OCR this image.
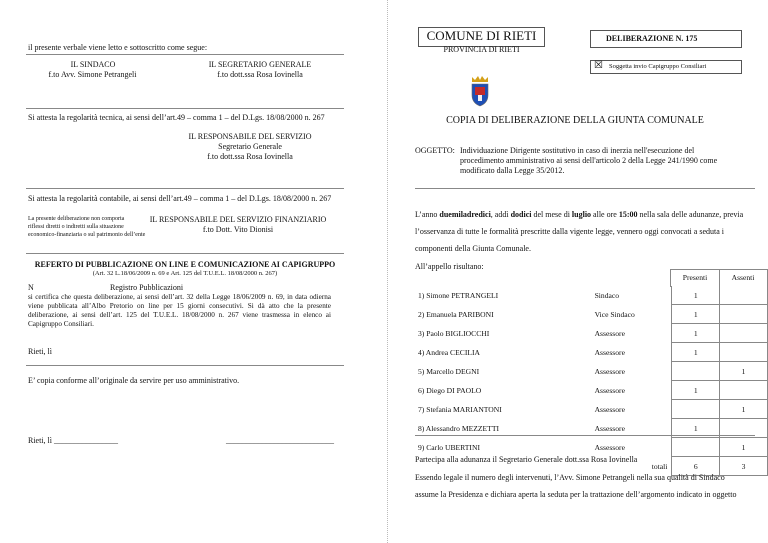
il presente verbale viene letto e sottoscritto come segue:
IL SINDACO
f.to Avv. Simone Petrangeli
IL SEGRETARIO GENERALE
f.to dott.ssa Rosa Iovinella
Si attesta la regolarità tecnica, ai sensi dell’art.49 – comma 1 – del D.Lgs. 18/08/2000 n. 267
IL RESPONSABILE DEL SERVIZIO
Segretario Generale
f.to dott.ssa Rosa Iovinella
Si attesta la regolarità contabile, ai sensi dell’art.49 – comma 1 – del D.Lgs. 18/08/2000 n. 267
La presente deliberazione non comporta
riflessi diretti o indiretti sulla situazione
economico-finanziaria o sul patrimonio dell’ente
IL RESPONSABILE DEL SERVIZIO FINANZIARIO
f.to Dott. Vito Dionisi
REFERTO DI PUBBLICAZIONE ON LINE E COMUNICAZIONE AI CAPIGRUPPO
(Art. 32 L.18/06/2009 n. 69 e Art. 125 del T.U.E.L. 18/08/2000 n. 267)
N	Registro Pubblicazioni
si certifica che questa deliberazione, ai sensi dell’art. 32 della Legge 18/06/2009 n. 69, in data odierna viene pubblicata all’Albo Pretorio on line per 15 giorni consecutivi. Si dà atto che la presente deliberazione, ai sensi dell’art. 125 del T.U.E.L. 18/08/2000 n. 267 viene trasmessa in elenco ai Capigruppo Consiliari.
Rieti, lì
E’ copia conforme all’originale da servire per uso amministrativo.
Rieti, lì ________________	___________________________
COMUNE DI RIETI
PROVINCIA DI RIETI
DELIBERAZIONE N. 175
☒ Soggetta invio Capigruppo Consiliari
COPIA DI DELIBERAZIONE DELLA GIUNTA COMUNALE
OGGETTO: Individuazione Dirigente sostitutivo in caso di inerzia nell'esecuzione del procedimento amministrativo ai sensi dell'articolo 2 della Legge 241/1990 come modificato dalla Legge 35/2012.
L’anno duemiladredici, addì dodici del mese di luglio alle ore 15:00 nella sala delle adunanze, previa
l’osservanza di tutte le formalità prescritte dalla vigente legge, vennero oggi convocati a seduta i
componenti della Giunta Comunale.
All’appello risultano:
Presenti	Assenti
1) Simone PETRANGELI	Sindaco	1	
2) Emanuela PARIBONI	Vice Sindaco	1	
3) Paolo BIGLIOCCHI	Assessore	1	
4) Andrea CECILIA	Assessore	1	
5) Marcello DEGNI	Assessore		1
6) Diego DI PAOLO	Assessore	1	
7) Stefania MARIANTONI	Assessore		1
8) Alessandro MEZZETTI	Assessore	1	
9) Carlo UBERTINI	Assessore		1
	totali	6	3
Partecipa alla adunanza il Segretario Generale dott.ssa Rosa Iovinella
Essendo legale il numero degli intervenuti, l’Avv. Simone Petrangeli nella sua qualità di Sindaco
assume la Presidenza e dichiara aperta la seduta per la trattazione dell’argomento indicato in oggetto
